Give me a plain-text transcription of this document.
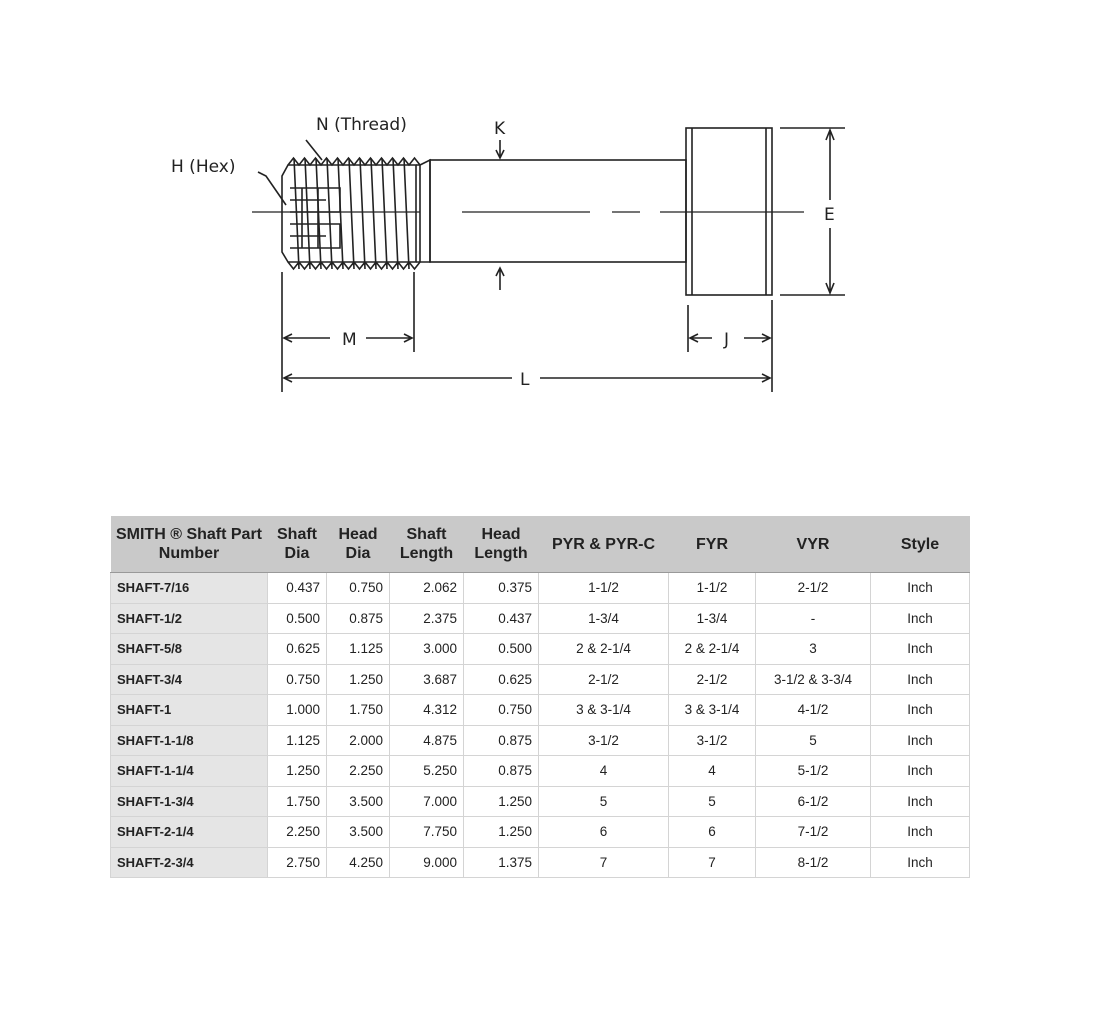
H (Hex)
N (Thread)	K
E
M	J
L
SMITH ® Shaft Part Number	Shaft Dia	Head Dia	Shaft Length	Head Length	PYR & PYR-C	FYR	VYR	Style
SHAFT-7/16	0.437	0.750	2.062	0.375	1-1/2	1-1/2	2-1/2	Inch
SHAFT-1/2	0.500	0.875	2.375	0.437	1-3/4	1-3/4	-	Inch
SHAFT-5/8	0.625	1.125	3.000	0.500	2 & 2-1/4	2 & 2-1/4	3	Inch
SHAFT-3/4	0.750	1.250	3.687	0.625	2-1/2	2-1/2	3-1/2 & 3-3/4	Inch
SHAFT-1	1.000	1.750	4.312	0.750	3 & 3-1/4	3 & 3-1/4	4-1/2	Inch
SHAFT-1-1/8	1.125	2.000	4.875	0.875	3-1/2	3-1/2	5	Inch
SHAFT-1-1/4	1.250	2.250	5.250	0.875	4	4	5-1/2	Inch
SHAFT-1-3/4	1.750	3.500	7.000	1.250	5	5	6-1/2	Inch
SHAFT-2-1/4	2.250	3.500	7.750	1.250	6	6	7-1/2	Inch
SHAFT-2-3/4	2.750	4.250	9.000	1.375	7	7	8-1/2	Inch
